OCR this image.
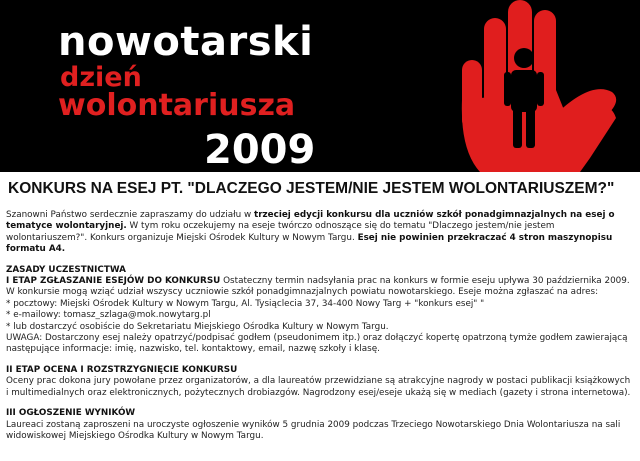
nowotarski
dzień
wolontariusza
2009
KONKURS NA ESEJ PT. "DLACZEGO JESTEM/NIE JESTEM WOLONTARIUSZEM?"

Szanowni Państwo serdecznie zapraszamy do udziału w trzeciej edycji konkursu dla uczniów szkół ponadgimnazjalnych na esej o tematyce wolontaryjnej. W tym roku oczekujemy na eseje twórczo odnoszące się do tematu "Dlaczego jestem/nie jestem wolontariuszem?". Konkurs organizuje Miejski Ośrodek Kultury w Nowym Targu. Esej nie powinien przekraczać 4 stron maszynopisu formatu A4.

ZASADY UCZESTNICTWA

I ETAP ZGŁASZANIE ESEJÓW DO KONKURSU Ostateczny termin nadsyłania prac na konkurs w formie eseju upływa 30 października 2009. W konkursie mogą wziąć udział wszyscy uczniowie szkół ponadgimnazjalnych powiatu nowotarskiego. Eseje można zgłaszać na adres:

* pocztowy: Miejski Ośrodek Kultury w Nowym Targu, Al. Tysiąclecia 37, 34-400 Nowy Targ + "konkurs esej" "

* e-mailowy: tomasz_szlaga@mok.nowytarg.pl

* lub dostarczyć osobiście do Sekretariatu Miejskiego Ośrodka Kultury w Nowym Targu.

UWAGA: Dostarczony esej należy opatrzyć/podpisać godłem (pseudonimem itp.) oraz dołączyć kopertę opatrzoną tymże godłem zawierającą następujące informacje: imię, nazwisko, tel. kontaktowy, email, nazwę szkoły i klasę.

II ETAP OCENA I ROZSTRZYGNIĘCIE KONKURSU

Oceny prac dokona jury powołane przez organizatorów, a dla laureatów przewidziane są atrakcyjne nagrody w postaci publikacji książkowych i multimedialnych oraz elektronicznych, pożytecznych drobiazgów. Nagrodzony esej/eseje ukażą się w mediach (gazety i strona internetowa).

III OGŁOSZENIE WYNIKÓW

Laureaci zostaną zaproszeni na uroczyste ogłoszenie wyników 5 grudnia 2009 podczas Trzeciego Nowotarskiego Dnia Wolontariusza na sali widowiskowej Miejskiego Ośrodka Kultury w Nowym Targu.
